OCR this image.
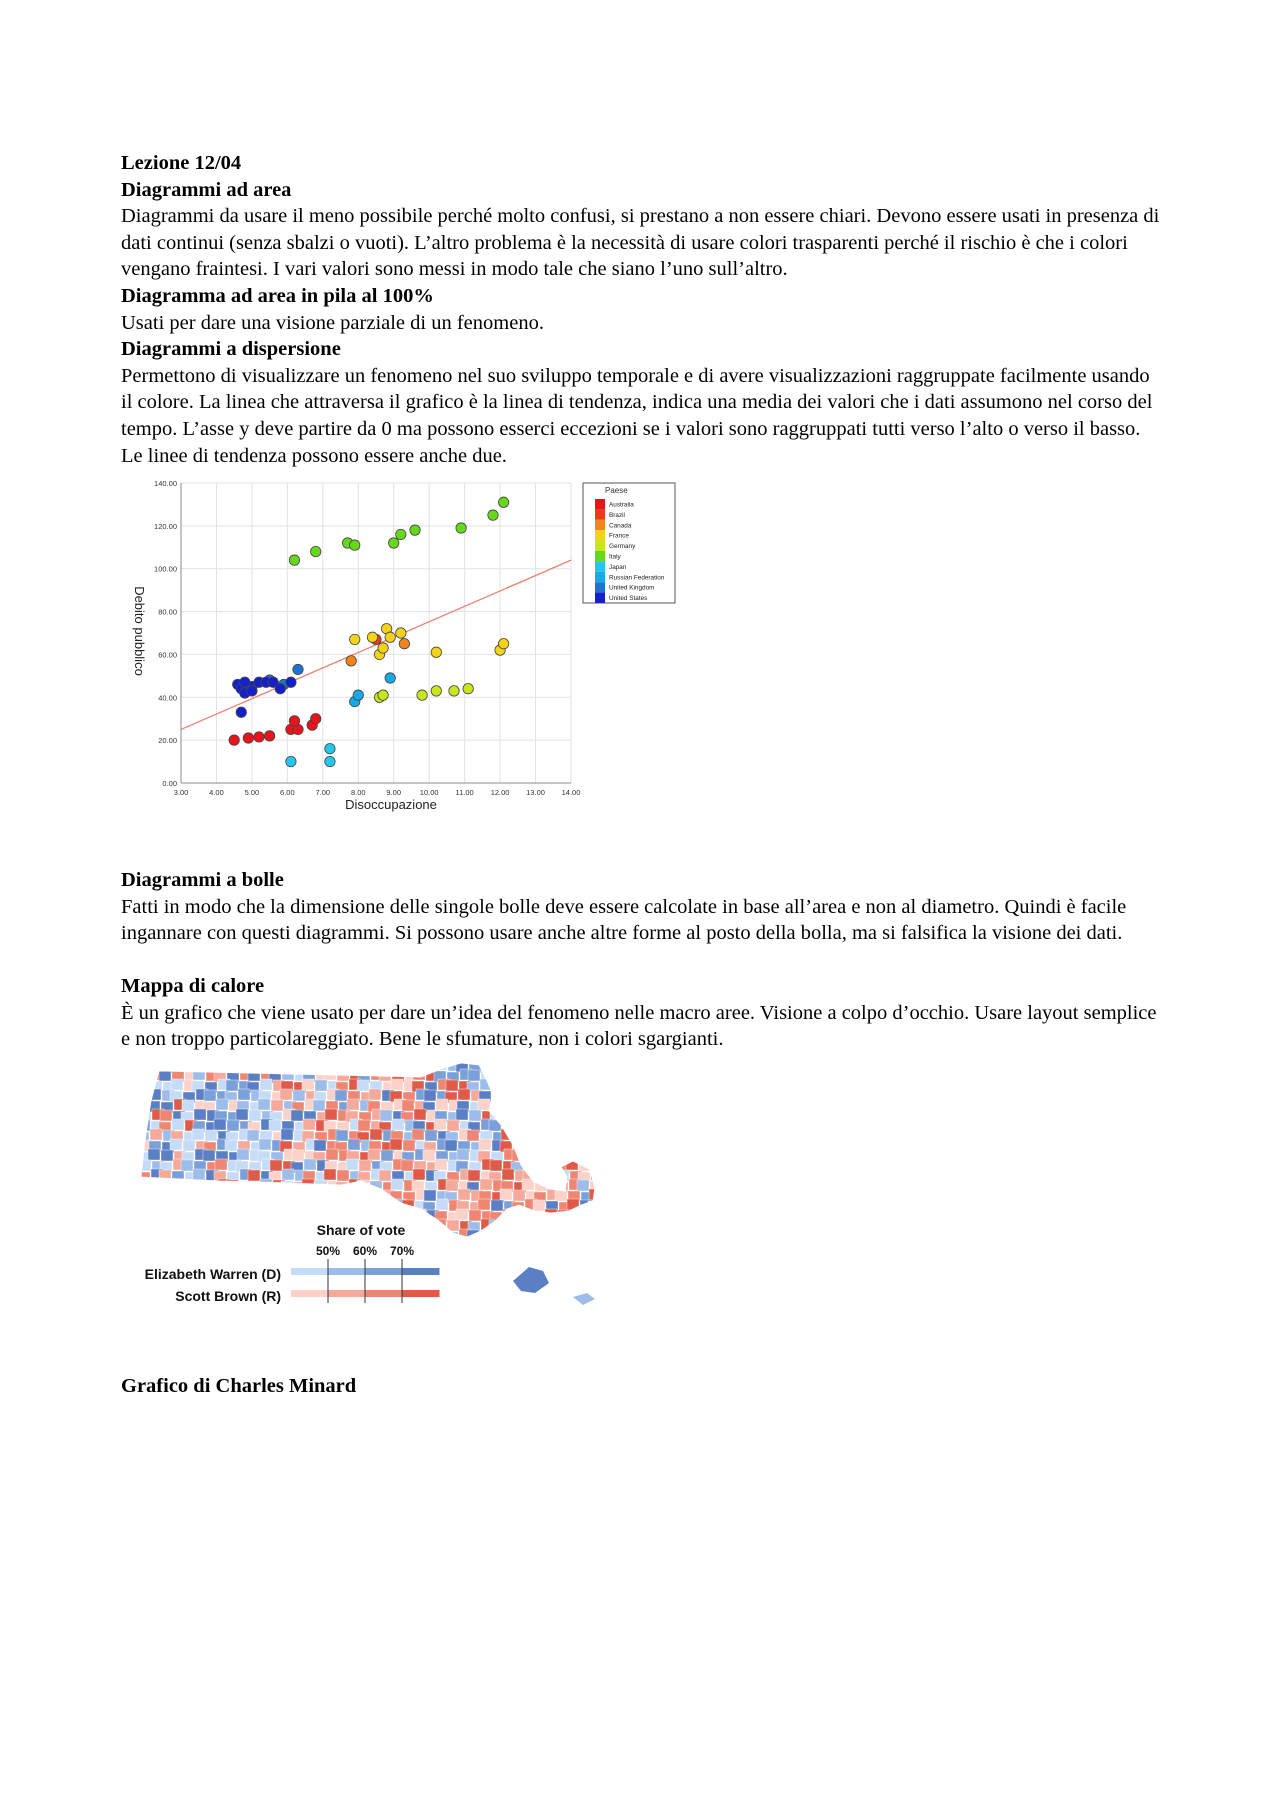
Lezione 12/04

Diagrammi ad area

Diagrammi da usare il meno possibile perché molto confusi, si prestano a non essere chiari. Devono essere usati in presenza di dati continui (senza sbalzi o vuoti). L’altro problema è la necessità di usare colori trasparenti perché il rischio è che i colori vengano fraintesi. I vari valori sono messi in modo tale che siano l’uno sull’altro.

Diagramma ad area in pila al 100%

Usati per dare una visione parziale di un fenomeno.

Diagrammi a dispersione

Permettono di visualizzare un fenomeno nel suo sviluppo temporale e di avere visualizzazioni raggruppate facilmente usando il colore. La linea che attraversa il grafico è la linea di tendenza, indica una media dei valori che i dati assumono nel corso del tempo. L’asse y deve partire da 0 ma possono esserci eccezioni se i valori sono raggruppati tutti verso l’alto o verso il basso. Le linee di tendenza possono essere anche due.

3.00	4.00	5.00	6.00	7.00	8.00	9.00	10.00 11.00 12.00 13.00 14.00
0.00
20.00
40.00
60.00
80.00
100.00
120.00
140.00
Paese
Australia
Brazil
Canada
France
Germany
Italy
Japan
Russian Federation
United Kingdom
United States
Disoccupazione
Debito pubblico

Diagrammi a bolle

Fatti in modo che la dimensione delle singole bolle deve essere calcolate in base all’area e non al diametro. Quindi è facile ingannare con questi diagrammi. Si possono usare anche altre forme al posto della bolla, ma si falsifica la visione dei dati.

Mappa di calore

È un grafico che viene usato per dare un’idea del fenomeno nelle macro aree. Visione a colpo d’occhio. Usare layout semplice e non troppo particolareggiato. Bene le sfumature, non i colori sgargianti.

Share of vote
50% 60% 70%
Elizabeth Warren (D)
Scott Brown (R)

Grafico di Charles Minard
